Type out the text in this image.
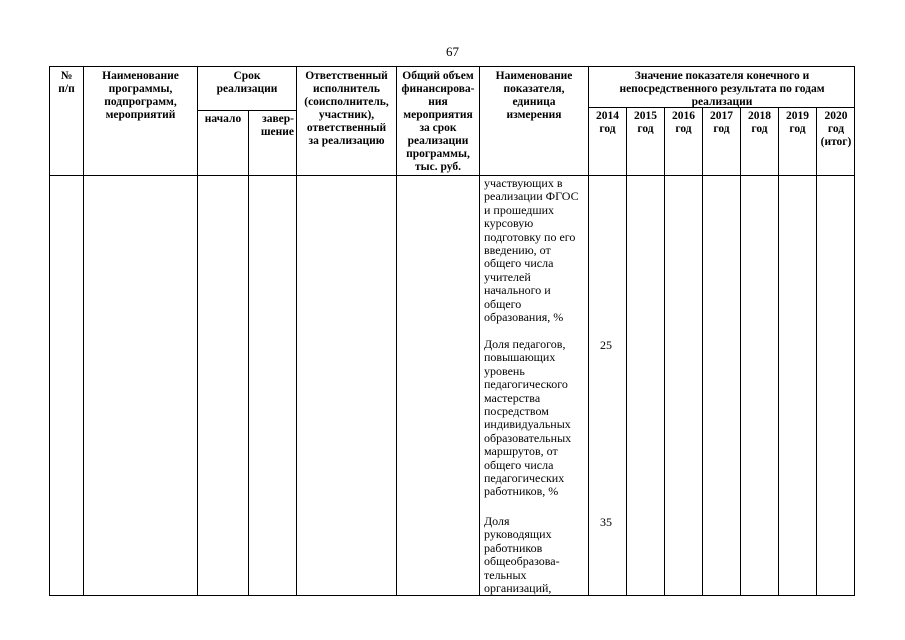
67
№
п/п
Наименование
программы,
подпрограмм,
мероприятий
Срок
реализации
начало	завер-
шение
Ответственный
исполнитель
(соисполнитель,
участник),
ответственный
за реализацию
Общий объем
финансирова-
ния
мероприятия
за срок
реализации
программы,
тыс. руб.
Наименование
показателя,
единица
измерения
Значение показателя конечного и
непосредственного результата по годам
реализации
2014
год
2015
год
2016
год
2017
год
2018
год
2019
год
2020
год
(итог)
участвующих в
реализации ФГОС
и прошедших
курсовую
подготовку по его
введению, от
общего числа
учителей
начального и
общего
образования, %
Доля педагогов,
повышающих
уровень
педагогического
мастерства
посредством
индивидуальных
образовательных
маршрутов, от
общего числа
педагогических
работников, %
Доля
руководящих
работников
общеобразова-
тельных
организаций,
25
35
